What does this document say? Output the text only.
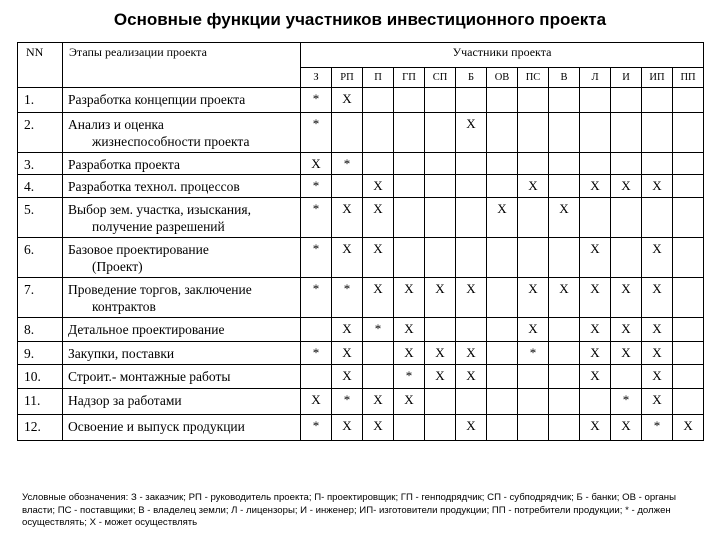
Основные функции участников инвестиционного проекта
NN	Этапы реализации проекта	Участники проекта												
		З	РП	П	ГП	СП	Б	ОВ	ПС	В	Л	И	ИП	ПП
1.	Разработка концепции проекта	*	Х											
2.	Анализ и оценка
жизнеспособности проекта	*					Х							
3.	Разработка проекта	Х	*											
4.	Разработка технол. процессов	*		Х					Х		Х	Х	Х	
5.	Выбор зем. участка, изыскания,
получение разрешений	*	Х	Х				Х		Х				
6.	Базовое проектирование
(Проект)	*	Х	Х							Х		Х	
7.	Проведение торгов, заключение
контрактов	*	*	Х	Х	Х	Х		Х	Х	Х	Х	Х	
8.	Детальное проектирование		Х	*	Х				Х		Х	Х	Х	
9.	Закупки, поставки	*	Х		Х	Х	Х		*		Х	Х	Х	
10.	Строит.- монтажные работы		Х		*	Х	Х				Х		Х	
11.	Надзор за работами	Х	*	Х	Х							*	Х	
12.	Освоение и выпуск продукции	*	Х	Х			Х				Х	Х	*	Х
Условные обозначения: З - заказчик; РП - руководитель проекта; П- проектировщик; ГП - генподрядчик; СП - субподрядчик; Б - банки; ОВ - органы власти; ПС - поставщики; В - владелец земли; Л - лицензоры; И - инженер; ИП- изготовители продукции; ПП - потребители продукции; * - должен осуществлять; Х - может осуществлять
